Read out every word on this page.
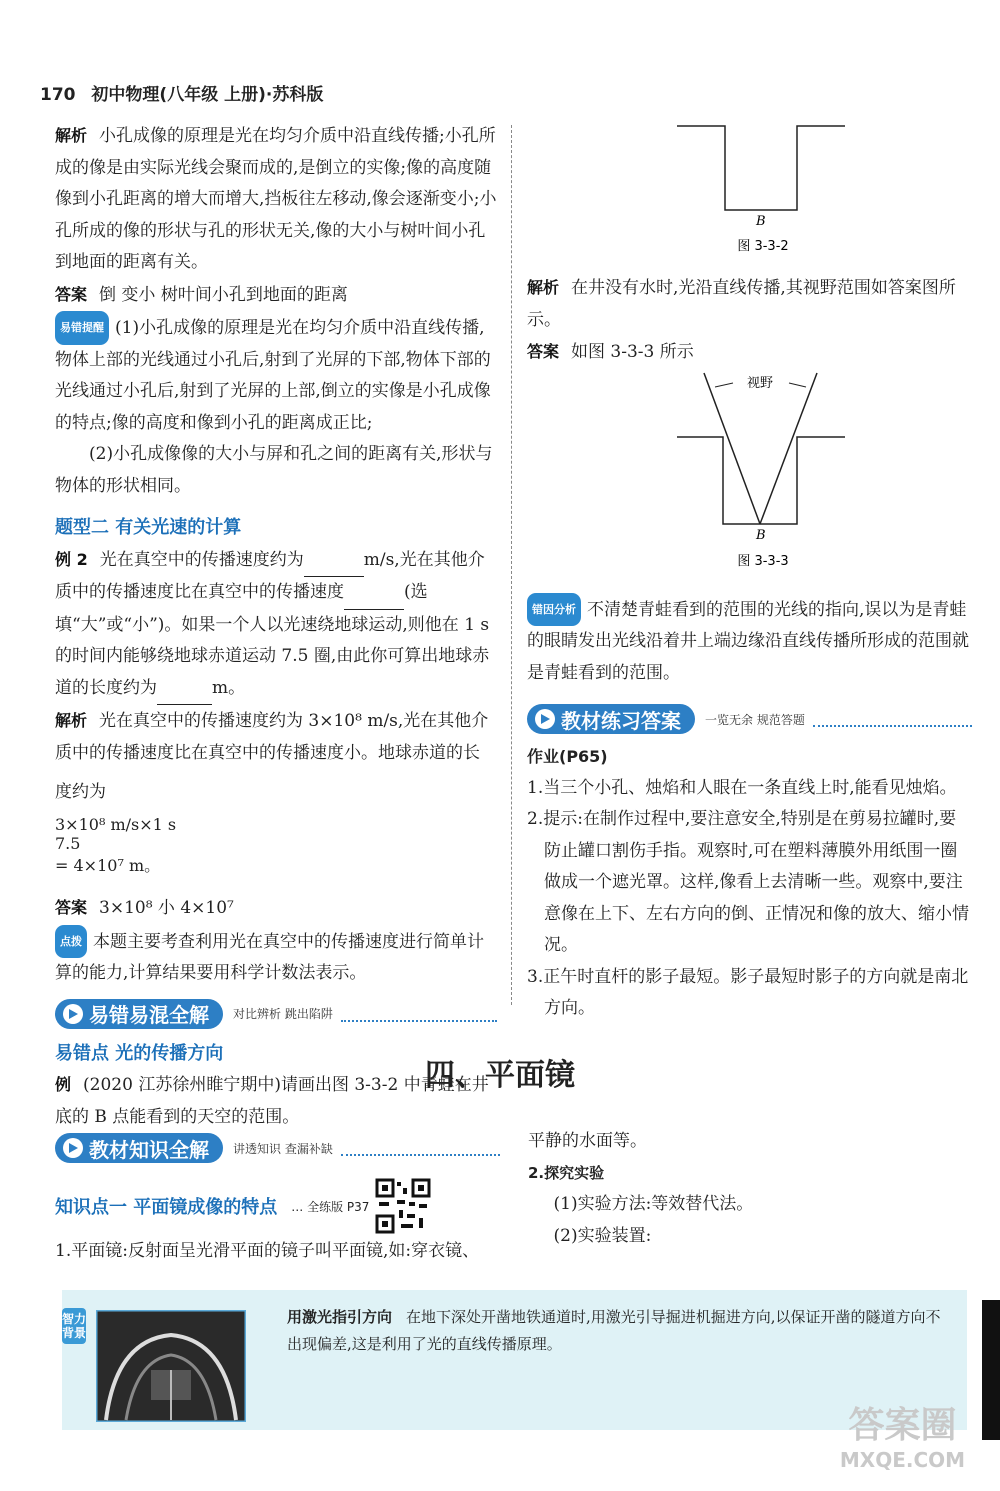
170 初中物理(八年级 上册)·苏科版

解析 小孔成像的原理是光在均匀介质中沿直线传播;小孔所成的像是由实际光线会聚而成的,是倒立的实像;像的高度随像到小孔距离的增大而增大,挡板往左移动,像会逐渐变小;小孔所成的像的形状与孔的形状无关,像的大小与树叶间小孔到地面的距离有关。

答案 倒 变小 树叶间小孔到地面的距离

易错提醒 (1)小孔成像的原理是光在均匀介质中沿直线传播,物体上部的光线通过小孔后,射到了光屏的下部,物体下部的光线通过小孔后,射到了光屏的上部,倒立的实像是小孔成像的特点;像的高度和像到小孔的距离成正比;

(2)小孔成像像的大小与屏和孔之间的距离有关,形状与物体的形状相同。

题型二 有关光速的计算

例 2 光在真空中的传播速度约为	m/s,光在其他介质中的传播速度比在真空中的传播速度	(选填“大”或“小”)。如果一个人以光速绕地球运动,则他在 1 s 的时间内能够绕地球赤道运动 7.5 圈,由此你可算出地球赤道的长度约为	m。

解析 光在真空中的传播速度约为 3×10⁸ m/s,光在其他介质中的传播速度比在真空中的传播速度小。地球赤道的长

度约为

3×10⁸ m/s×1 s
7.5
= 4×10⁷ m。

答案 3×10⁸ 小 4×10⁷

点拨 本题主要考查利用光在真空中的传播速度进行简单计算的能力,计算结果要用科学计数法表示。

易错易混全解 对比辨析 跳出陷阱

易错点 光的传播方向

例 (2020 江苏徐州睢宁期中)请画出图 3-3-2 中青蛙在井底的 B 点能看到的天空的范围。

B
图 3-3-2

解析 在井没有水时,光沿直线传播,其视野范围如答案图所示。

答案 如图 3-3-3 所示

视野
B
图 3-3-3

错因分析 不清楚青蛙看到的范围的光线的指向,误以为是青蛙的眼睛发出光线沿着井上端边缘沿直线传播所形成的范围就是青蛙看到的范围。

教材练习答案 一览无余 规范答题

作业(P65)

1.当三个小孔、烛焰和人眼在一条直线上时,能看见烛焰。

2.提示:在制作过程中,要注意安全,特别是在剪易拉罐时,要防止罐口割伤手指。观察时,可在塑料薄膜外用纸围一圈做成一个遮光罩。这样,像看上去清晰一些。观察中,要注意像在上下、左右方向的倒、正情况和像的放大、缩小情况。

3.正午时直杆的影子最短。影子最短时影子的方向就是南北方向。

四、平面镜
教材知识全解 讲透知识 查漏补缺
知识点一 平面镜成像的特点 … 全练版 P37

1.平面镜:反射面呈光滑平面的镜子叫平面镜,如:穿衣镜、

平静的水面等。

2.探究实验

(1)实验方法:等效替代法。

(2)实验装置:

智力背景

用激光指引方向 在地下深处开凿地铁通道时,用激光引导掘进机掘进方向,以保证开凿的隧道方向不出现偏差,这是利用了光的直线传播原理。

答案圈
MXQE.COM
